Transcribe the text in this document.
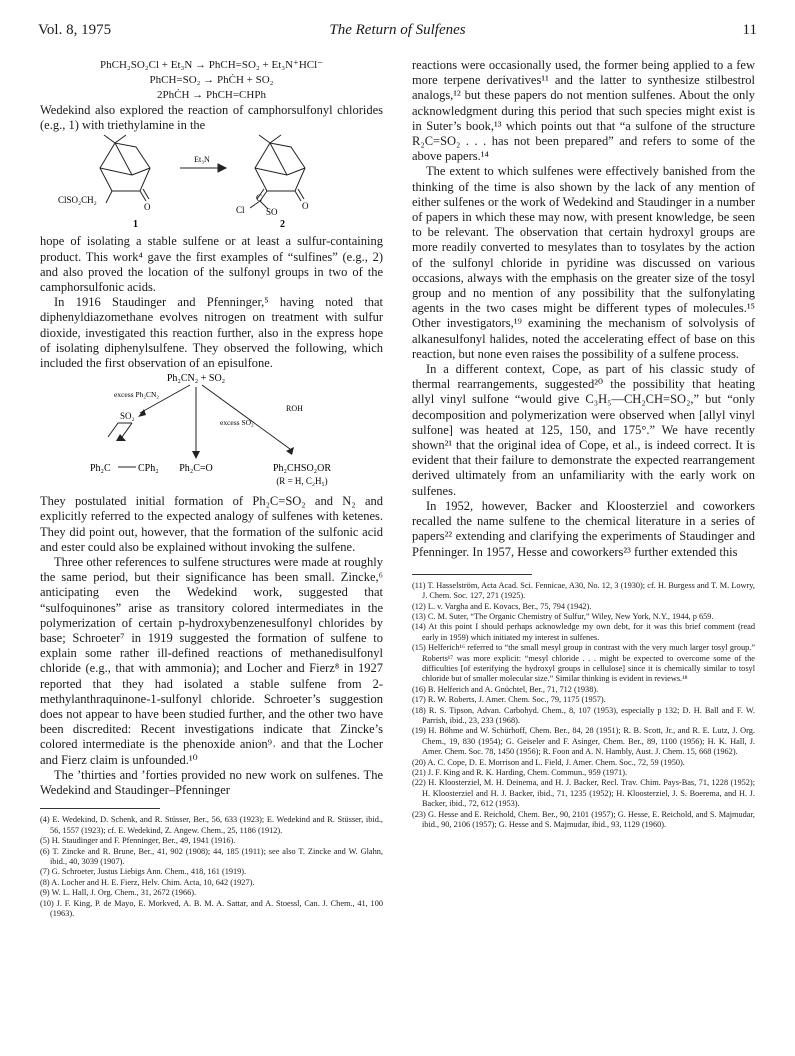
Vol. 8, 1975	The Return of Sulfenes	11
PhCH₂SO₂Cl + Et₃N → PhCH=SO₂ + Et₃N⁺HCl⁻
PhCH=SO₂ → PhĊH + SO₂
2PhĊH → PhCH=CHPh

Wedekind also explored the reaction of camphorsulfonyl chlorides (e.g., 1) with triethylamine in the

Et₃N
ClSO₂CH₂
O	Cl
C
SO
O
1	2

hope of isolating a stable sulfene or at least a sulfur-containing product. This work⁴ gave the first examples of “sulfines” (e.g., 2) and also proved the location of the sulfonyl groups in two of the camphorsulfonic acids.

In 1916 Staudinger and Pfenninger,⁵ having noted that diphenyldiazomethane evolves nitrogen on treatment with sulfur dioxide, investigated this reaction further, also in the express hope of isolating diphenylsulfene. They observed the following, which included the first observation of an episulfone.

Ph₂CN₂ + SO₂
excess Ph₂CN₂
excess SO₂
ROH
SO₂
Ph₂C	CPh₂ Ph₂C=O	Ph₂CHSO₂OR
(R = H, C₂H₅)

They postulated initial formation of Ph₂C=SO₂ and N₂ and explicitly referred to the expected analogy of sulfenes with ketenes. They did point out, however, that the formation of the sulfonic acid and ester could also be explained without invoking the sulfene.

Three other references to sulfene structures were made at roughly the same period, but their significance has been small. Zincke,⁶ anticipating even the Wedekind work, suggested that “sulfoquinones” arise as transitory colored intermediates in the polymerization of certain p-hydroxybenzenesulfonyl chlorides by base; Schroeter⁷ in 1919 suggested the formation of sulfene to explain some rather ill-defined reactions of methanedisulfonyl chloride (e.g., that with ammonia); and Locher and Fierz⁸ in 1927 reported that they had isolated a stable sulfene from 2-methylanthraquinone-1-sulfonyl chloride. Schroeter’s suggestion does not appear to have been studied further, and the other two have been discredited: Recent investigations indicate that Zincke’s colored intermediate is the phenoxide anion⁹˒ and that the Locher and Fierz claim is unfounded.¹⁰

The ’thirties and ’forties provided no new work on sulfenes. The Wedekind and Staudinger–Pfenninger

(4) E. Wedekind, D. Schenk, and R. Stüsser, Ber., 56, 633 (1923); E. Wedekind and R. Stüsser, ibid., 56, 1557 (1923); cf. E. Wedekind, Z. Angew. Chem., 25, 1186 (1912).
(5) H. Staudinger and F. Pfenninger, Ber., 49, 1941 (1916).
(6) T. Zincke and R. Brune, Ber., 41, 902 (1908); 44, 185 (1911); see also T. Zincke and W. Glahn, ibid., 40, 3039 (1907).
(7) G. Schroeter, Justus Liebigs Ann. Chem., 418, 161 (1919).
(8) A. Locher and H. E. Fierz, Helv. Chim. Acta, 10, 642 (1927).
(9) W. L. Hall, J. Org. Chem., 31, 2672 (1966).
(10) J. F. King, P. de Mayo, E. Morkved, A. B. M. A. Sattar, and A. Stoessl, Can. J. Chem., 41, 100 (1963).

reactions were occasionally used, the former being applied to a few more terpene derivatives¹¹ and the latter to synthesize stilbestrol analogs,¹² but these papers do not mention sulfenes. About the only acknowledgment during this period that such species might exist is in Suter’s book,¹³ which points out that “a sulfone of the structure R₂C=SO₂ . . . has not been prepared” and refers to some of the above papers.¹⁴

The extent to which sulfenes were effectively banished from the thinking of the time is also shown by the lack of any mention of either sulfenes or the work of Wedekind and Staudinger in a number of papers in which these may now, with present knowledge, be seen to be relevant. The observation that certain hydroxyl groups are more readily converted to mesylates than to tosylates by the action of the sulfonyl chloride in pyridine was discussed on various occasions, always with the emphasis on the greater size of the tosyl group and no mention of any possibility that the sulfonylating agents in the two cases might be different types of molecules.¹⁵ Other investigators,¹⁹ examining the mechanism of solvolysis of alkanesulfonyl halides, noted the accelerating effect of base on this reaction, but none even raises the possibility of a sulfene process.

In a different context, Cope, as part of his classic study of thermal rearrangements, suggested²⁰ the possibility that heating allyl vinyl sulfone “would give C₃H₅—CH₂CH=SO₂,” but “only decomposition and polymerization were observed when [allyl vinyl sulfone] was heated at 125, 150, and 175°.” We have recently shown²¹ that the original idea of Cope, et al., is indeed correct. It is evident that their failure to demonstrate the expected rearrangement derived ultimately from an unfamiliarity with the early work on sulfenes.

In 1952, however, Backer and Kloosterziel and coworkers recalled the name sulfene to the chemical literature in a series of papers²² extending and clarifying the experiments of Staudinger and Pfenninger. In 1957, Hesse and coworkers²³ further extended this

(11) T. Hasselström, Acta Acad. Sci. Fennicae, A30, No. 12, 3 (1930); cf. H. Burgess and T. M. Lowry, J. Chem. Soc. 127, 271 (1925).
(12) L. v. Vargha and E. Kovacs, Ber., 75, 794 (1942).
(13) C. M. Suter, “The Organic Chemistry of Sulfur,” Wiley, New York, N.Y., 1944, p 659.
(14) At this point I should perhaps acknowledge my own debt, for it was this brief comment (read early in 1959) which initiated my interest in sulfenes.
(15) Helferich¹⁶ referred to “the small mesyl group in contrast with the very much larger tosyl group.” Roberts¹⁷ was more explicit: “mesyl chloride . . . might be expected to overcome some of the difficulties [of esterifying the hydroxyl groups in cellulose] since it is chemically similar to tosyl chloride but of smaller molecular size.” Similar thinking is evident in reviews.¹⁸
(16) B. Helferich and A. Gnüchtel, Ber., 71, 712 (1938).
(17) R. W. Roberts, J. Amer. Chem. Soc., 79, 1175 (1957).
(18) R. S. Tipson, Advan. Carbohyd. Chem., 8, 107 (1953), especially p 132; D. H. Ball and F. W. Parrish, ibid., 23, 233 (1968).
(19) H. Böhme and W. Schürhoff, Chem. Ber., 84, 28 (1951); R. B. Scott, Jr., and R. E. Lutz, J. Org. Chem., 19, 830 (1954); G. Geiseler and F. Asinger, Chem. Ber., 89, 1100 (1956); H. K. Hall, J. Amer. Chem. Soc. 78, 1450 (1956); R. Foon and A. N. Hambly, Aust. J. Chem. 15, 668 (1962).
(20) A. C. Cope, D. E. Morrison and L. Field, J. Amer. Chem. Soc., 72, 59 (1950).
(21) J. F. King and R. K. Harding, Chem. Commun., 959 (1971).
(22) H. Kloosterziel, M. H. Deinema, and H. J. Backer, Recl. Trav. Chim. Pays-Bas, 71, 1228 (1952); H. Kloosterziel and H. J. Backer, ibid., 71, 1235 (1952); H. Kloosterziel, J. S. Boerema, and H. J. Backer, ibid., 72, 612 (1953).
(23) G. Hesse and E. Reichold, Chem. Ber., 90, 2101 (1957); G. Hesse, E. Reichold, and S. Majmudar, ibid., 90, 2106 (1957); G. Hesse and S. Majmudar, ibid., 93, 1129 (1960).
